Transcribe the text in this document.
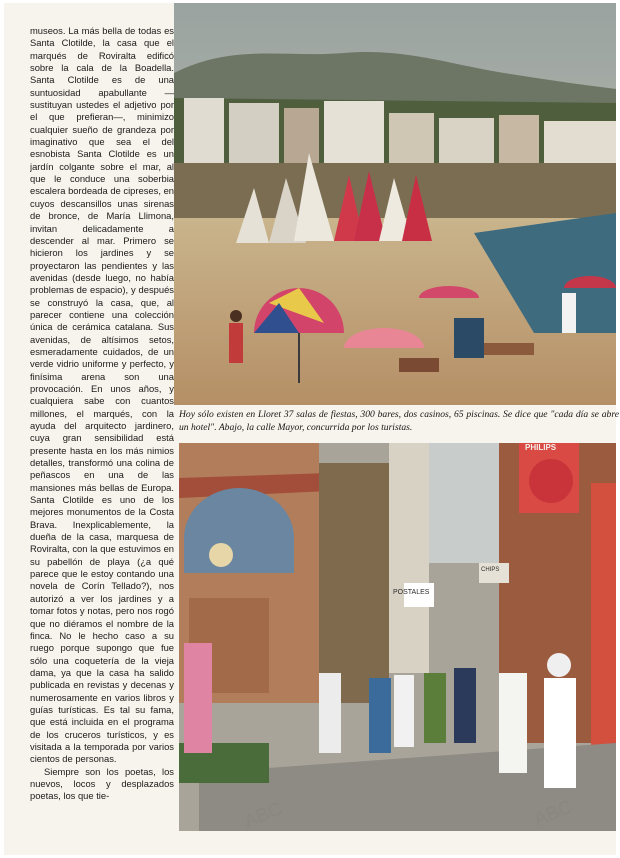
museos. La más bella de todas es Santa Clotilde, la casa que el marqués de Roviralta edificó sobre la cala de la Boadella. Santa Clotilde es de una suntuosidad apabullante —sustituyan ustedes el adjetivo por el que prefieran—, minimizo cualquier sueño de grandeza por imaginativo que sea el del esnobista Santa Clotilde es un jardín colgante sobre el mar, al que le conduce una soberbia escalera bordeada de cipreses, en cuyos descansillos unas sirenas de bronce, de María Llimona, invitan delicadamente a descender al mar. Primero se hicieron los jardines y se proyectaron las pendientes y las avenidas (desde luego, no había problemas de espacio), y después se construyó la casa, que, al parecer contiene una colección única de cerámica catalana. Sus avenidas, de altísimos setos, esmeradamente cuidados, de un verde vidrio uniforme y perfecto, y finísima arena son una provocación. En unos años, y cualquiera sabe con cuantos millones, el marqués, con la ayuda del arquitecto jardinero, cuya gran sensibilidad está presente hasta en los más nimios detalles, transformó una colina de peñascos en una de las mansiones más bellas de Europa. Santa Clotilde es uno de los mejores monumentos de la Costa Brava. Inexplicablemente, la dueña de la casa, marquesa de Roviralta, con la que estuvimos en su pabellón de playa (¿a qué parece que le estoy contando una novela de Corín Tellado?), nos autorizó a ver los jardines y a tomar fotos y notas, pero nos rogó que no diéramos el nombre de la finca. No le hecho caso a su ruego porque supongo que fue sólo una coquetería de la vieja dama, ya que la casa ha salido publicada en revistas y decenas y numerosamente en varios libros y guías turísticas. Es tal su fama, que está incluida en el programa de los cruceros turísticos, y es visitada a la temporada por varios cientos de personas.

Siempre son los poetas, los nuevos, locos y desplazados poetas, los que tie-

Hoy sólo existen en Lloret 37 salas de fiestas, 300 bares, dos casinos, 65 piscinas. Se dice que "cada día se abre un hotel". Abajo, la calle Mayor, concurrida por los turistas.
PHILIPS
POSTALES
CHIPS
ABC	ABC
